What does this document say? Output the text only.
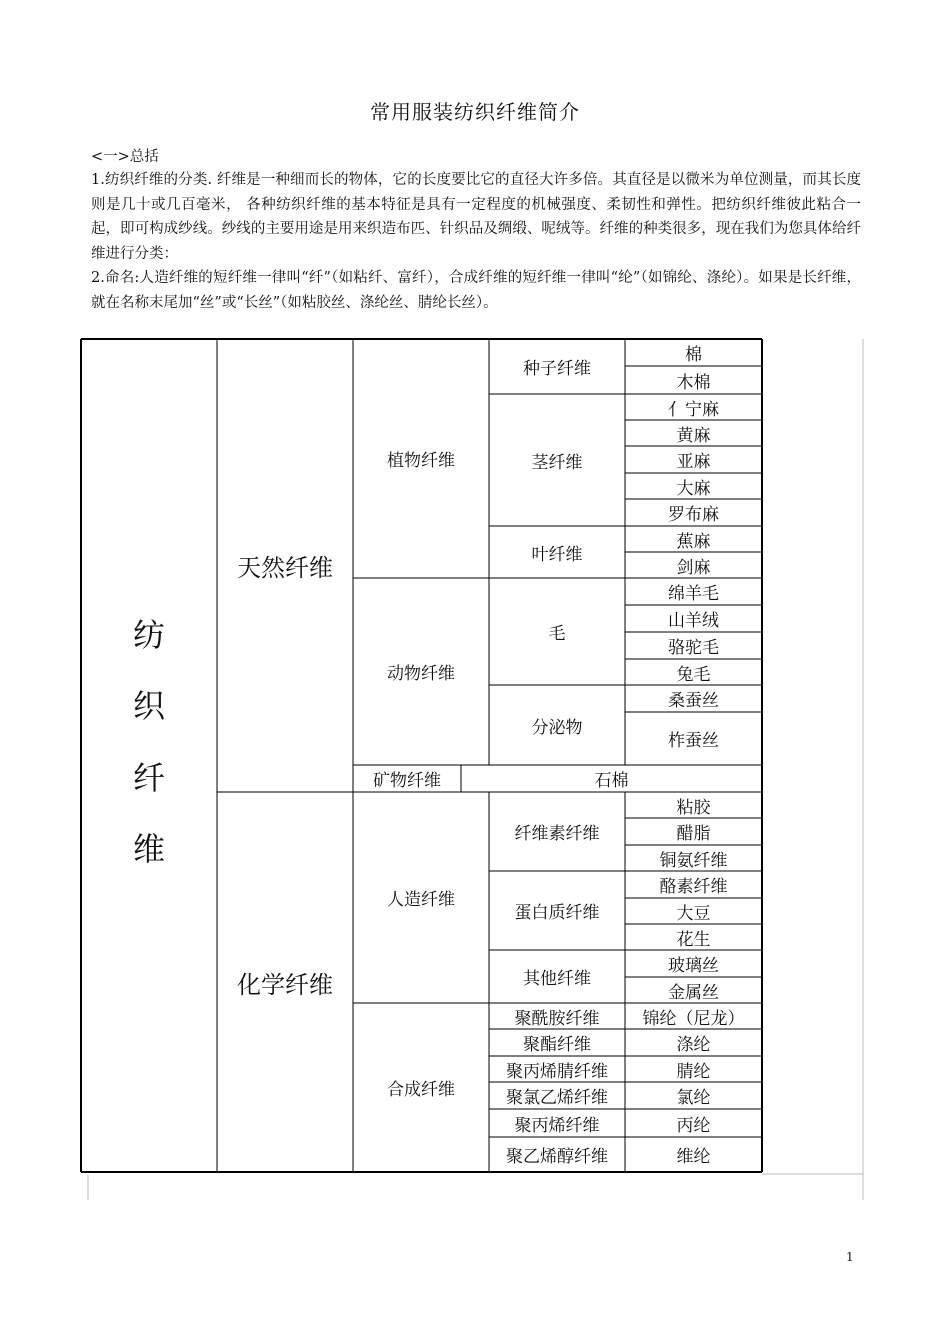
常用服装纺织纤维简介

<一>总括

1.纺织纤维的分类. 纤维是一种细而长的物体，它的长度要比它的直径大许多倍。其直径是以微米为单位测量，而其长度则是几十或几百毫米， 各种纺织纤维的基本特征是具有一定程度的机械强度、柔韧性和弹性。把纺织纤维彼此粘合一起，即可构成纱线。纱线的主要用途是用来织造布匹、针织品及绸缎、呢绒等。纤维的种类很多，现在我们为您具体给纤维进行分类：

2.命名:人造纤维的短纤维一律叫“纤”（如粘纤、富纤），合成纤维的短纤维一律叫“纶”（如锦纶、涤纶）。如果是长纤维，就在名称末尾加“丝”或“长丝”（如粘胶丝、涤纶丝、腈纶长丝）。

纺
织
纤
维
天然纤维
化学纤维
植物纤维
动物纤维
矿物纤维	石棉
人造纤维
合成纤维
种子纤维
茎纤维
叶纤维
毛
分泌物
纤维素纤维
蛋白质纤维
其他纤维
聚酰胺纤维
聚酯纤维
聚丙烯腈纤维
聚氯乙烯纤维
聚丙烯纤维
聚乙烯醇纤维
棉
木棉
亻宁麻
黄麻
亚麻
大麻
罗布麻
蕉麻
剑麻
绵羊毛
山羊绒
骆驼毛
兔毛
桑蚕丝
柞蚕丝
粘胶
醋脂
铜氨纤维
酪素纤维
大豆
花生
玻璃丝
金属丝
锦纶（尼龙）
涤纶
腈纶
氯纶
丙纶
维纶
1
